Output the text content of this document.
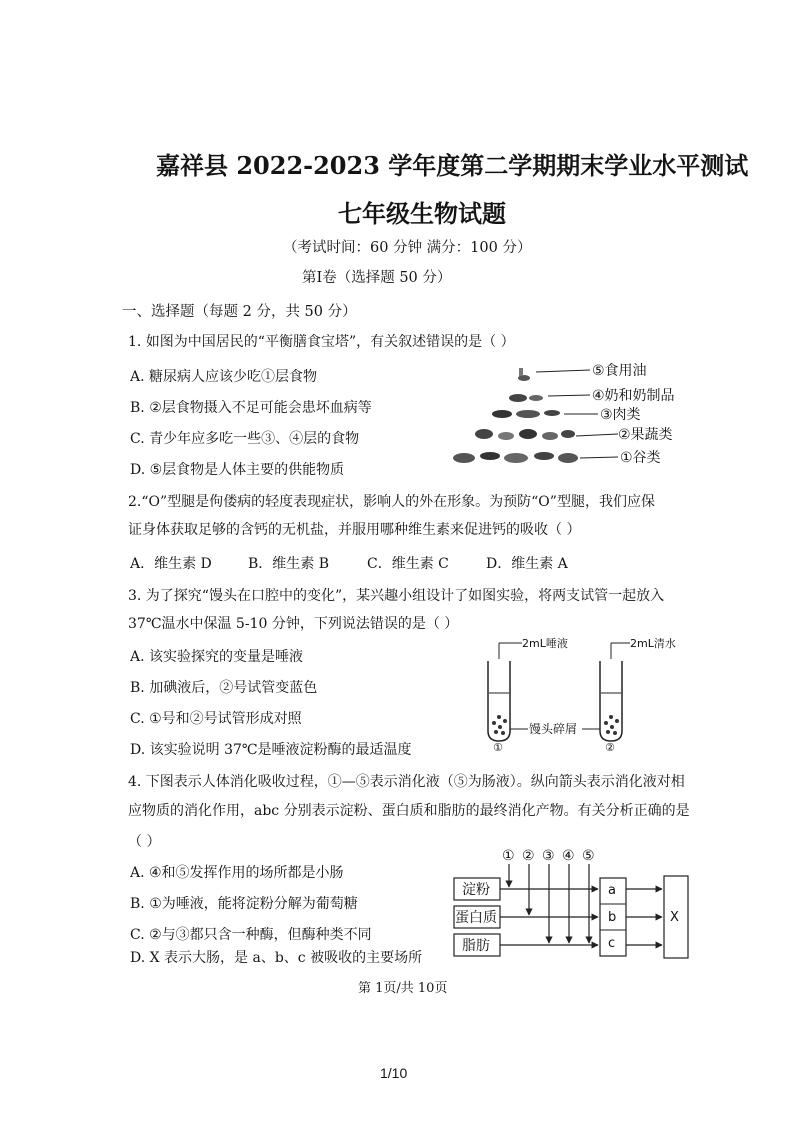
嘉祥县 2022-2023 学年度第二学期期末学业水平测试
七年级生物试题
（考试时间：60 分钟 满分：100 分）
第Ⅰ卷（选择题 50 分）
一、选择题（每题 2 分，共 50 分）
1. 如图为中国居民的“平衡膳食宝塔”，有关叙述错误的是（ ）
A. 糖尿病人应该少吃①层食物
B. ②层食物摄入不足可能会患坏血病等
C. 青少年应多吃一些③、④层的食物
D. ⑤层食物是人体主要的供能物质
⑤食用油
④奶和奶制品
③肉类
②果蔬类
①谷类
2.“O”型腿是佝偻病的轻度表现症状，影响人的外在形象。为预防“O”型腿，我们应保
证身体获取足够的含钙的无机盐，并服用哪种维生素来促进钙的吸收（ ）
A．维生素 D	B．维生素 B	C．维生素 C	D．维生素 A
3. 为了探究“馒头在口腔中的变化”，某兴趣小组设计了如图实验，将两支试管一起放入
37℃温水中保温 5-10 分钟，下列说法错误的是（ ）
A. 该实验探究的变量是唾液
B. 加碘液后，②号试管变蓝色
C. ①号和②号试管形成对照
D. 该实验说明 37℃是唾液淀粉酶的最适温度
2mL唾液	2mL清水
馒头碎屑
①	②
4. 下图表示人体消化吸收过程，①—⑤表示消化液（⑤为肠液）。纵向箭头表示消化液对相
应物质的消化作用，abc 分别表示淀粉、蛋白质和脂肪的最终消化产物。有关分析正确的是
（ ）
A. ④和⑤发挥作用的场所都是小肠
B. ①为唾液，能将淀粉分解为葡萄糖
C. ②与③都只含一种酶，但酶种类不同
D. X 表示大肠，是 a、b、c 被吸收的主要场所
① ② ③ ④ ⑤
淀粉
蛋白质
脂肪
a
b
c
X
第 1页/共 10页
1/10
